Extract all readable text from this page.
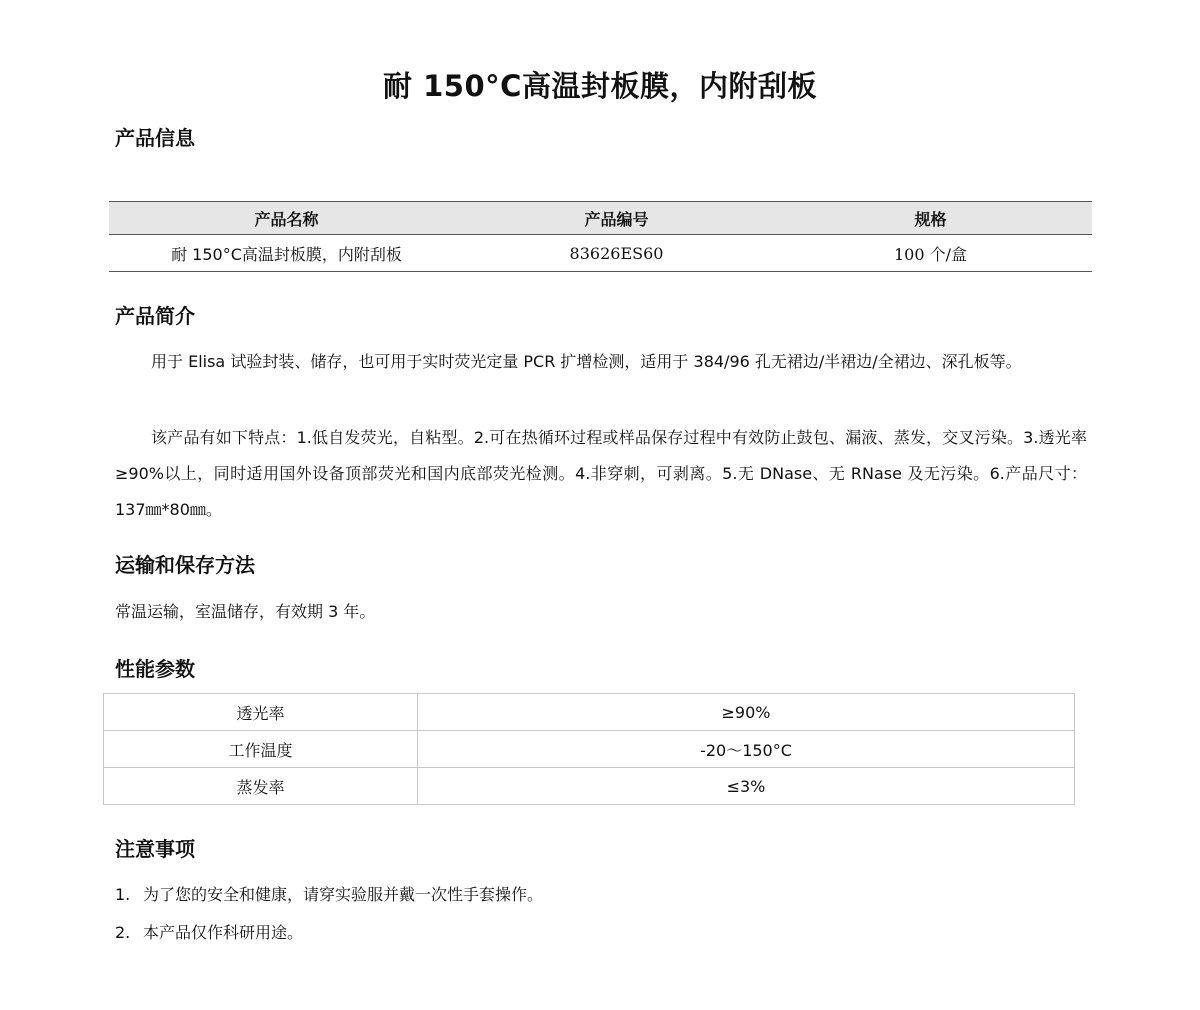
耐 150°C高温封板膜，内附刮板
产品信息
产品名称	产品编号	规格
耐 150°C高温封板膜，内附刮板	83626ES60	100 个/盒
产品简介
用于 Elisa 试验封装、储存，也可用于实时荧光定量 PCR 扩增检测，适用于 384/96 孔无裙边/半裙边/全裙边、深孔板等。
该产品有如下特点：1.低自发荧光，自粘型。2.可在热循环过程或样品保存过程中有效防止鼓包、漏液、蒸发，交叉污染。3.透光率≥90%以上，同时适用国外设备顶部荧光和国内底部荧光检测。4.非穿刺，可剥离。5.无 DNase、无 RNase 及无污染。6.产品尺寸：137㎜*80㎜。
运输和保存方法
常温运输，室温储存，有效期 3 年。
性能参数
透光率	≥90%
工作温度	-20～150°C
蒸发率	≤3%
注意事项
1. 为了您的安全和健康，请穿实验服并戴一次性手套操作。
2. 本产品仅作科研用途。
